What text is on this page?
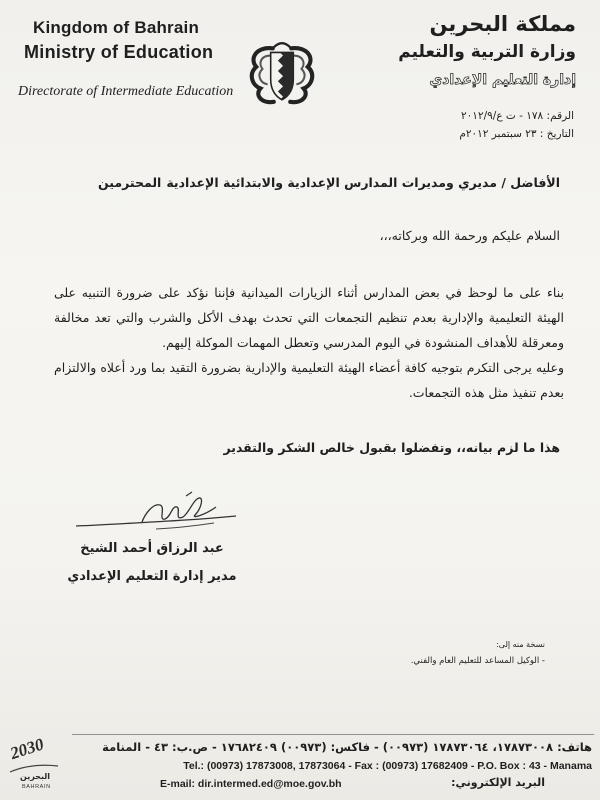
Kingdom of Bahrain
Ministry of Education
Directorate of Intermediate Education
مملكة البحرين
وزارة التربية والتعليم
إدارة التعليم الإعدادي
الرقم: ١٧٨ - ت ع/٢٠١٢/٩
التاريخ : ٢٣ سبتمبر ٢٠١٢م
الأفاضل / مديري ومديرات المدارس الإعدادية والابتدائية الإعدادية
المحترمين
السلام عليكم ورحمة الله وبركاته،،،

بناء على ما لوحظ في بعض المدارس أثناء الزيارات الميدانية فإننا نؤكد على ضرورة التنبيه على الهيئة التعليمية والإدارية بعدم تنظيم التجمعات التي تحدث بهدف الأكل والشرب والتي تعد مخالفة ومعرقلة للأهداف المنشودة في اليوم المدرسي وتعطل المهمات الموكلة إليهم.

وعليه يرجى التكرم بتوجيه كافة أعضاء الهيئة التعليمية والإدارية بضرورة التقيد بما ورد أعلاه والالتزام بعدم تنفيذ مثل هذه التجمعات.

هذا ما لزم بيانه،، وتفضلوا بقبول خالص الشكر والتقدير
عبد الرزاق أحمد الشيخ
مدير إدارة التعليم الإعدادي
نسخة منه إلى:
- الوكيل المساعد للتعليم العام والفني.
هاتف: ١٧٨٧٣٠٠٨، ١٧٨٧٣٠٦٤ (٠٠٩٧٣) - فاكس: (٠٠٩٧٣) ١٧٦٨٢٤٠٩ - ص.ب: ٤٣ - المنامة
Tel.: (00973) 17873008, 17873064 - Fax : (00973) 17682409 - P.O. Box : 43 - Manama
E-mail: dir.intermed.ed@moe.gov.bh	البريد الإلكتروني:
2030
البحرين
BAHRAIN
